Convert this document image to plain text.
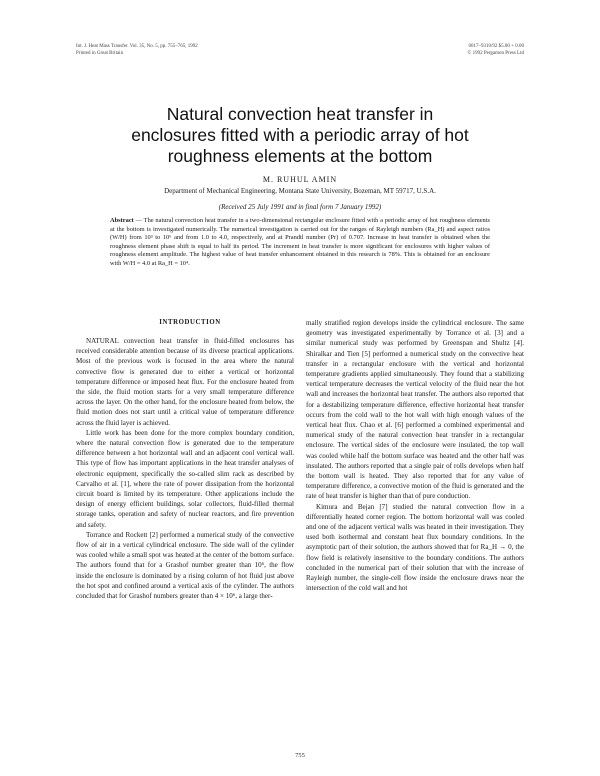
Int. J. Heat Mass Transfer. Vol. 35, No. 5, pp. 755–765, 1992
Printed in Great Britain
0017–9310/92 $5.00 + 0.00
© 1992 Pergamon Press Ltd
Natural convection heat transfer in
enclosures fitted with a periodic array of hot
roughness elements at the bottom
M. RUHUL AMIN
Department of Mechanical Engineering, Montana State University, Bozeman, MT 59717, U.S.A.
(Received 25 July 1991 and in final form 7 January 1992)
Abstract — The natural convection heat transfer in a two-dimensional rectangular enclosure fitted with a periodic array of hot roughness elements at the bottom is investigated numerically. The numerical investigation is carried out for the ranges of Rayleigh numbers (Ra_H) and aspect ratios (W/H) from 10³ to 10⁶ and from 1.0 to 4.0, respectively, and at Prandtl number (Pr) of 0.707. Increase in heat transfer is obtained when the roughness element phase shift is equal to half its period. The increment in heat transfer is more significant for enclosures with higher values of roughness element amplitude. The highest value of heat transfer enhancement obtained in this research is 78%. This is obtained for an enclosure with W/H = 4.0 at Ra_H = 10⁴.
INTRODUCTION

NATURAL convection heat transfer in fluid-filled enclosures has received considerable attention because of its diverse practical applications. Most of the previous work is focused in the area where the natural convective flow is generated due to either a vertical or horizontal temperature difference or imposed heat flux. For the enclosure heated from the side, the fluid motion starts for a very small temperature difference across the layer. On the other hand, for the enclosure heated from below, the fluid motion does not start until a critical value of temperature difference across the fluid layer is achieved.

Little work has been done for the more complex boundary condition, where the natural convection flow is generated due to the temperature difference between a hot horizontal wall and an adjacent cool vertical wall. This type of flow has important applications in the heat transfer analyses of electronic equipment, specifically the so-called slim rack as described by Carvalho et al. [1], where the rate of power dissipation from the horizontal circuit board is limited by its temperature. Other applications include the design of energy efficient buildings, solar collectors, fluid-filled thermal storage tanks, operation and safety of nuclear reactors, and fire prevention and safety.

Torrance and Rockett [2] performed a numerical study of the convective flow of air in a vertical cylindrical enclosure. The side wall of the cylinder was cooled while a small spot was heated at the center of the bottom surface. The authors found that for a Grashof number greater than 10⁶, the flow inside the enclosure is dominated by a rising column of hot fluid just above the hot spot and confined around a vertical axis of the cylinder. The authors concluded that for Grashof numbers greater than 4 × 10⁶, a large ther-

mally stratified region develops inside the cylindrical enclosure. The same geometry was investigated experimentally by Torrance et al. [3] and a similar numerical study was performed by Greenspan and Shultz [4]. Shiralkar and Tien [5] performed a numerical study on the convective heat transfer in a rectangular enclosure with the vertical and horizontal temperature gradients applied simultaneously. They found that a stabilizing vertical temperature decreases the vertical velocity of the fluid near the hot wall and increases the horizontal heat transfer. The authors also reported that for a destabilizing temperature difference, effective horizontal heat transfer occurs from the cold wall to the hot wall with high enough values of the vertical heat flux. Chao et al. [6] performed a combined experimental and numerical study of the natural convection heat transfer in a rectangular enclosure. The vertical sides of the enclosure were insulated, the top wall was cooled while half the bottom surface was heated and the other half was insulated. The authors reported that a single pair of rolls develops when half the bottom wall is heated. They also reported that for any value of temperature difference, a convective motion of the fluid is generated and the rate of heat transfer is higher than that of pure conduction.

Kimura and Bejan [7] studied the natural convection flow in a differentially heated corner region. The bottom horizontal wall was cooled and one of the adjacent vertical walls was heated in their investigation. They used both isothermal and constant heat flux boundary conditions. In the asymptotic part of their solution, the authors showed that for Ra_H → 0, the flow field is relatively insensitive to the boundary conditions. The authors concluded in the numerical part of their solution that with the increase of Rayleigh number, the single-cell flow inside the enclosure draws near the intersection of the cold wall and hot

755
